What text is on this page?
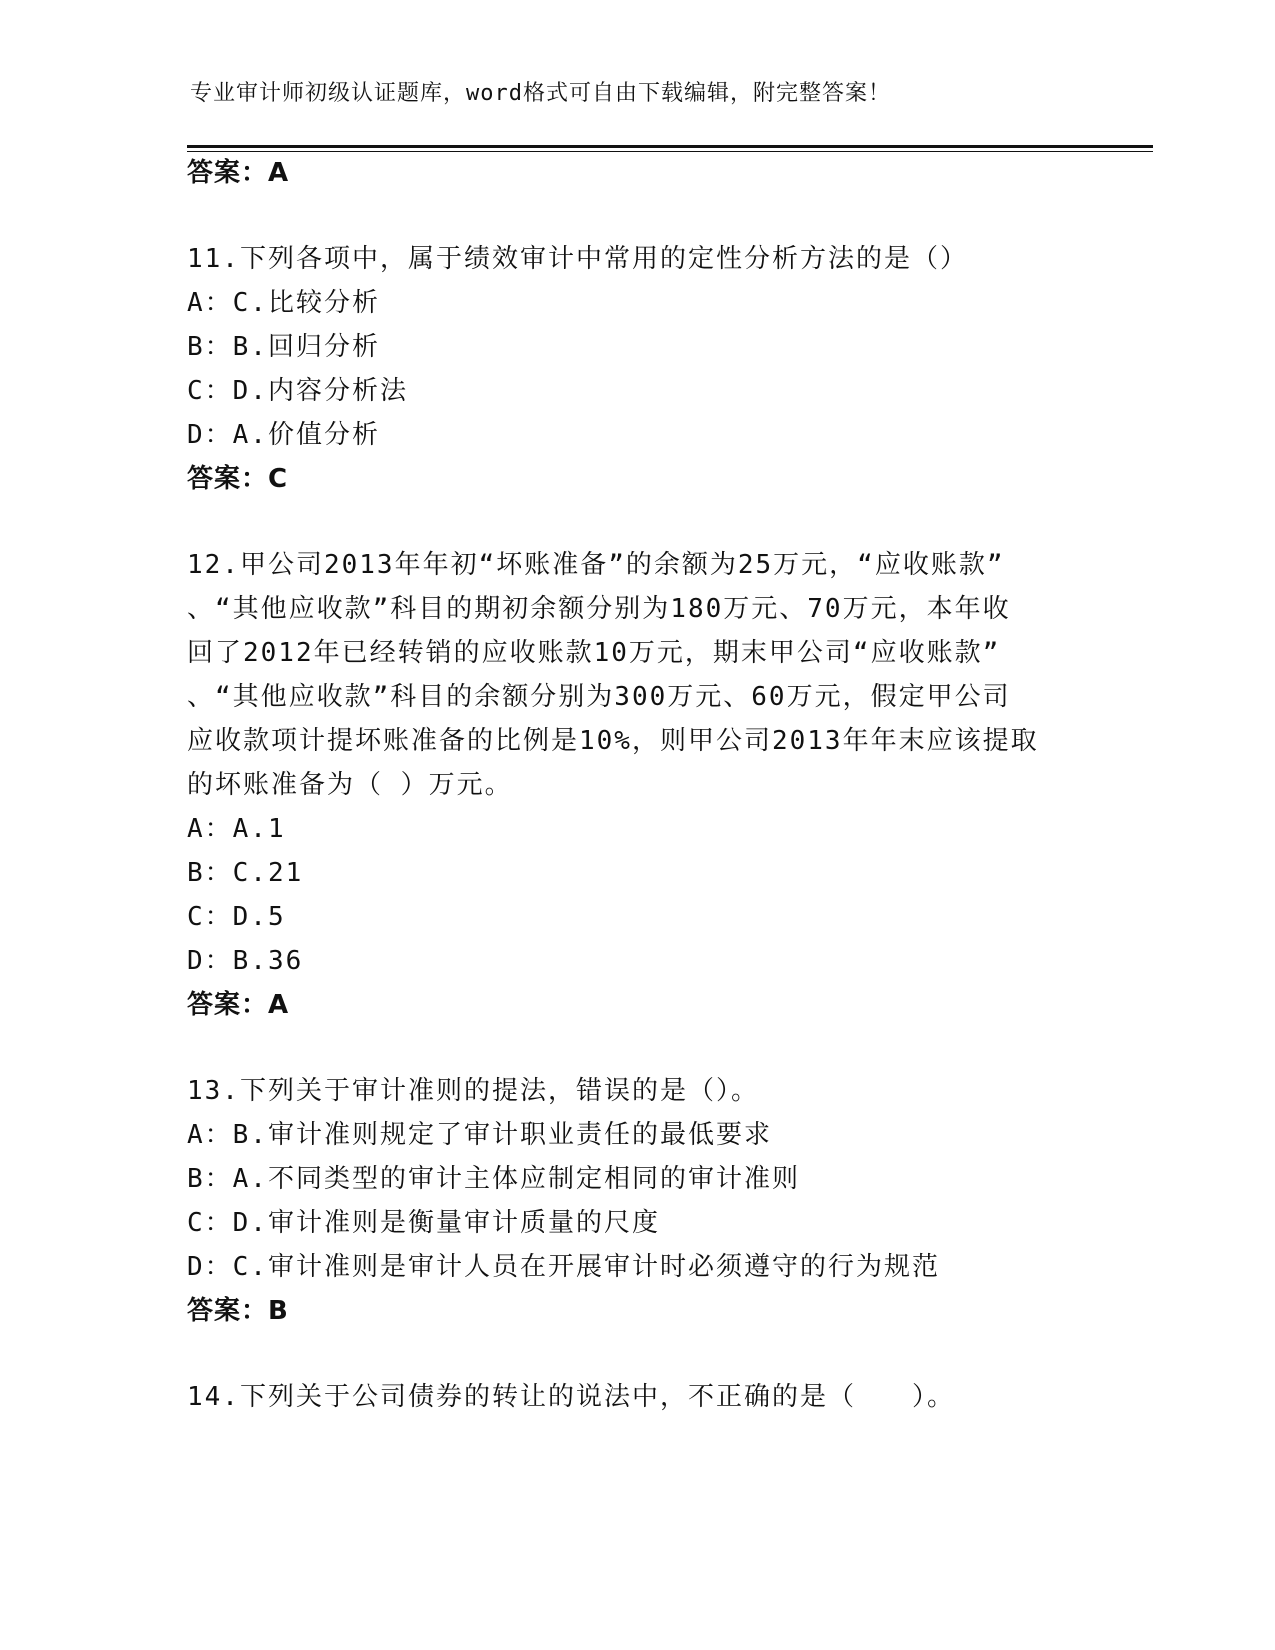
专业审计师初级认证题库，word格式可自由下载编辑，附完整答案！
答案：A
11.下列各项中，属于绩效审计中常用的定性分析方法的是（）
A：C.比较分析
B：B.回归分析
C：D.内容分析法
D：A.价值分析
答案：C
12.甲公司2013年年初“坏账准备”的余额为25万元，“应收账款”
、“其他应收款”科目的期初余额分别为180万元、70万元，本年收
回了2012年已经转销的应收账款10万元，期末甲公司“应收账款”
、“其他应收款”科目的余额分别为300万元、60万元，假定甲公司
应收款项计提坏账准备的比例是10%，则甲公司2013年年末应该提取
的坏账准备为（ ）万元。
A：A.1
B：C.21
C：D.5
D：B.36
答案：A
13.下列关于审计准则的提法，错误的是（）。
A：B.审计准则规定了审计职业责任的最低要求
B：A.不同类型的审计主体应制定相同的审计准则
C：D.审计准则是衡量审计质量的尺度
D：C.审计准则是审计人员在开展审计时必须遵守的行为规范
答案：B
14.下列关于公司债券的转让的说法中，不正确的是（　　）。
